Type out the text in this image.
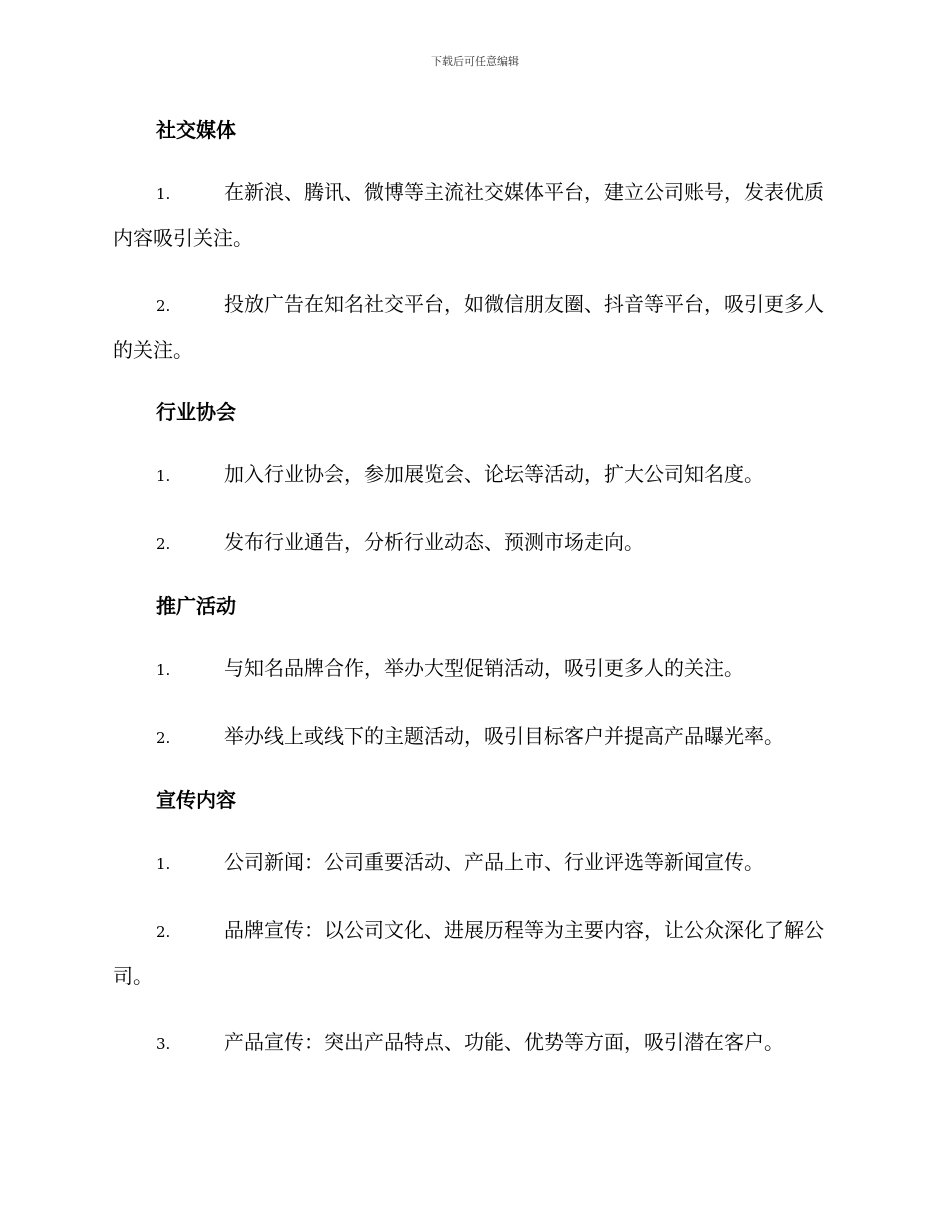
下载后可任意编辑
社交媒体

1.	在新浪、腾讯、微博等主流社交媒体平台，建立公司账号，发表优质内容吸引关注。

2.	投放广告在知名社交平台，如微信朋友圈、抖音等平台，吸引更多人的关注。

行业协会

1.	加入行业协会，参加展览会、论坛等活动，扩大公司知名度。

2.	发布行业通告，分析行业动态、预测市场走向。

推广活动

1.	与知名品牌合作，举办大型促销活动，吸引更多人的关注。

2.	举办线上或线下的主题活动，吸引目标客户并提高产品曝光率。

宣传内容

1.	公司新闻：公司重要活动、产品上市、行业评选等新闻宣传。

2.	品牌宣传：以公司文化、进展历程等为主要内容，让公众深化了解公司。

3.	产品宣传：突出产品特点、功能、优势等方面，吸引潜在客户。
